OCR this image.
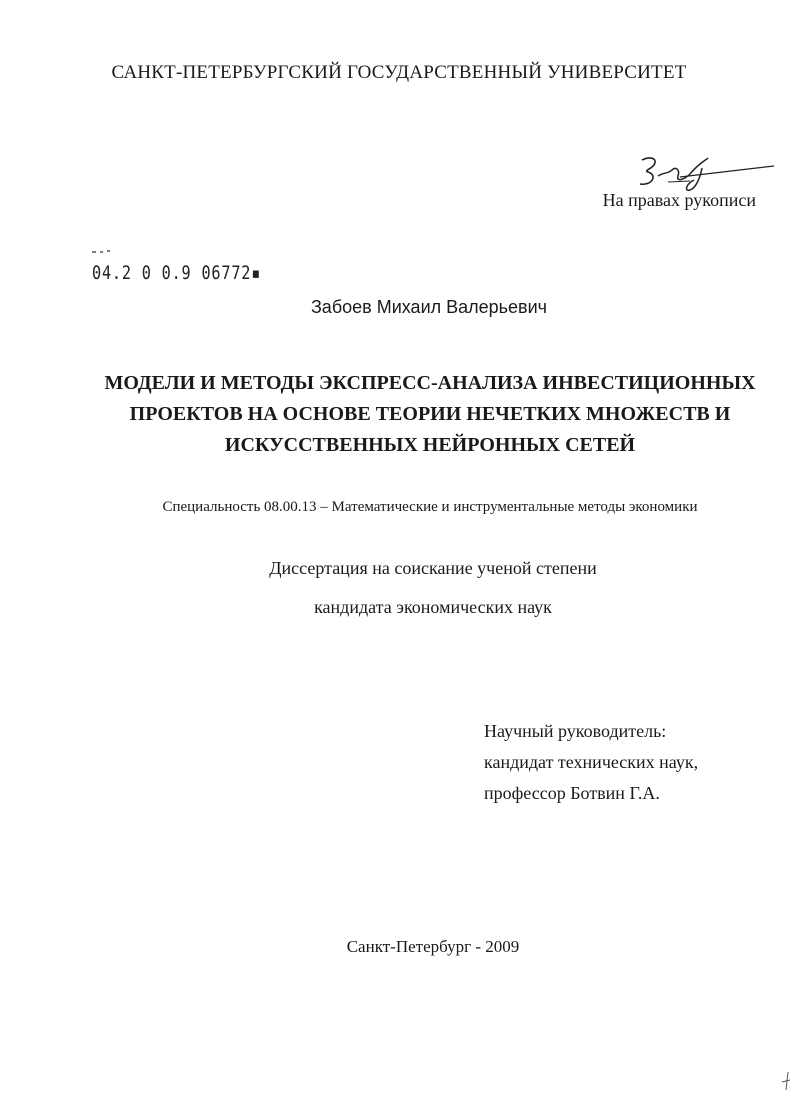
САНКТ-ПЕТЕРБУРГСКИЙ ГОСУДАРСТВЕННЫЙ УНИВЕРСИТЕТ
На правах рукописи
04.2 0 0.9 06772▪
Забоев Михаил Валерьевич
МОДЕЛИ И МЕТОДЫ ЭКСПРЕСС-АНАЛИЗА ИНВЕСТИЦИОННЫХ
ПРОЕКТОВ НА ОСНОВЕ ТЕОРИИ НЕЧЕТКИХ МНОЖЕСТВ И
ИСКУССТВЕННЫХ НЕЙРОННЫХ СЕТЕЙ
Специальность 08.00.13 – Математические и инструментальные методы экономики
Диссертация на соискание ученой степени
кандидата экономических наук
Научный руководитель:
кандидат технических наук,
профессор Ботвин Г.А.
Санкт-Петербург - 2009
